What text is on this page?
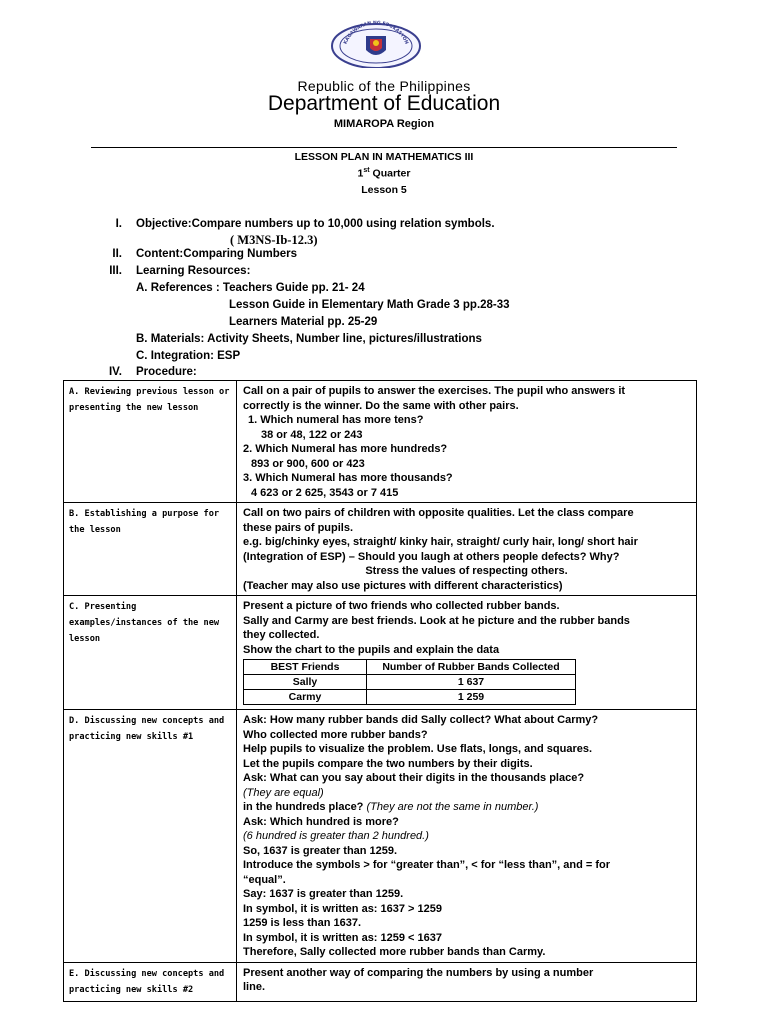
KAGAWARAN NG EDUKASYON
Republic of the Philippines
Department of Education
MIMAROPA Region
LESSON PLAN IN MATHEMATICS III
1st Quarter
Lesson 5
I. Objective:Compare numbers up to 10,000 using relation symbols.
( M3NS-Ib-12.3)
II. Content:Comparing Numbers
III. Learning Resources:
A. References : Teachers Guide pp. 21- 24
Lesson Guide in Elementary Math Grade 3 pp.28-33
Learners Material pp. 25-29
B. Materials: Activity Sheets, Number line, pictures/illustrations
C. Integration: ESP
IV. Procedure:
A. Reviewing previous lesson or presenting the new lesson	
Call on a pair of pupils to answer the exercises. The pupil who answers it
correctly is the winner. Do the same with other pairs.
1. Which numeral has more tens?
38 or 48, 122 or 243
2. Which Numeral has more hundreds?
893 or 900, 600 or 423
3. Which Numeral has more thousands?
4 623 or 2 625, 3543 or 7 415

B. Establishing a purpose for the lesson	
Call on two pairs of children with opposite qualities. Let the class compare
these pairs of pupils.
e.g. big/chinky eyes, straight/ kinky hair, straight/ curly hair, long/ short hair
(Integration of ESP) – Should you laugh at others people defects? Why?
Stress the values of respecting others.
(Teacher may also use pictures with different characteristics)

C. Presenting examples/instances of the new lesson	
Present a picture of two friends who collected rubber bands.
Sally and Carmy are best friends. Look at he picture and the rubber bands
they collected.
Show the chart to the pupils and explain the data
BEST Friends	Number of Rubber Bands Collected
Sally	1 637
Carmy	1 259

D. Discussing new concepts and practicing new skills #1	
Ask: How many rubber bands did Sally collect? What about Carmy?
Who collected more rubber bands?
Help pupils to visualize the problem. Use flats, longs, and squares.
Let the pupils compare the two numbers by their digits.
Ask: What can you say about their digits in the thousands place?
(They are equal)
in the hundreds place? (They are not the same in number.)
Ask: Which hundred is more?
(6 hundred is greater than 2 hundred.)
So, 1637 is greater than 1259.
Introduce the symbols > for “greater than”, < for “less than”, and = for
“equal”.
Say: 1637 is greater than 1259.
In symbol, it is written as: 1637 > 1259
1259 is less than 1637.
In symbol, it is written as: 1259 < 1637
Therefore, Sally collected more rubber bands than Carmy.

E. Discussing new concepts and practicing new skills #2	
Present another way of comparing the numbers by using a number
line.
